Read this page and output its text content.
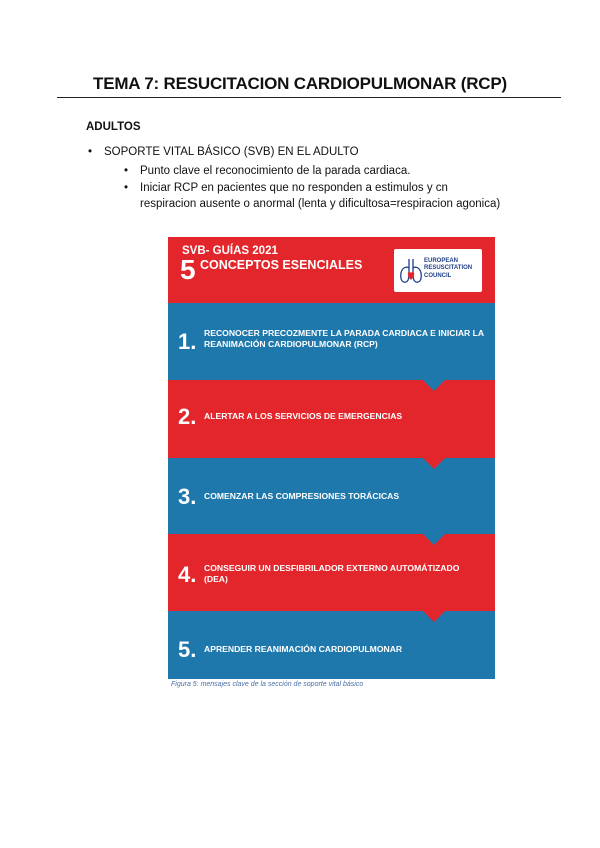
TEMA 7: RESUCITACION CARDIOPULMONAR (RCP)
ADULTOS
• SOPORTE VITAL BÁSICO (SVB) EN EL ADULTO
• Punto clave el reconocimiento de la parada cardiaca.
• Iniciar RCP en pacientes que no responden a estimulos y cn
respiracion ausente o anormal (lenta y dificultosa=respiracion agonica)
SVB- GUÍAS 2021
5 CONCEPTOS ESENCIALES	EUROPEAN
RESUSCITATION
COUNCIL
1. RECONOCER PRECOZMENTE LA PARADA CARDIACA E INICIAR LA REANIMACIÓN CARDIOPULMONAR (RCP)
2. ALERTAR A LOS SERVICIOS DE EMERGENCIAS
3. COMENZAR LAS COMPRESIONES TORÁCICAS
4. CONSEGUIR UN DESFIBRILADOR EXTERNO AUTOMÁTIZADO (DEA)
5. APRENDER REANIMACIÓN CARDIOPULMONAR
Figura 5: mensajes clave de la sección de soporte vital básico
